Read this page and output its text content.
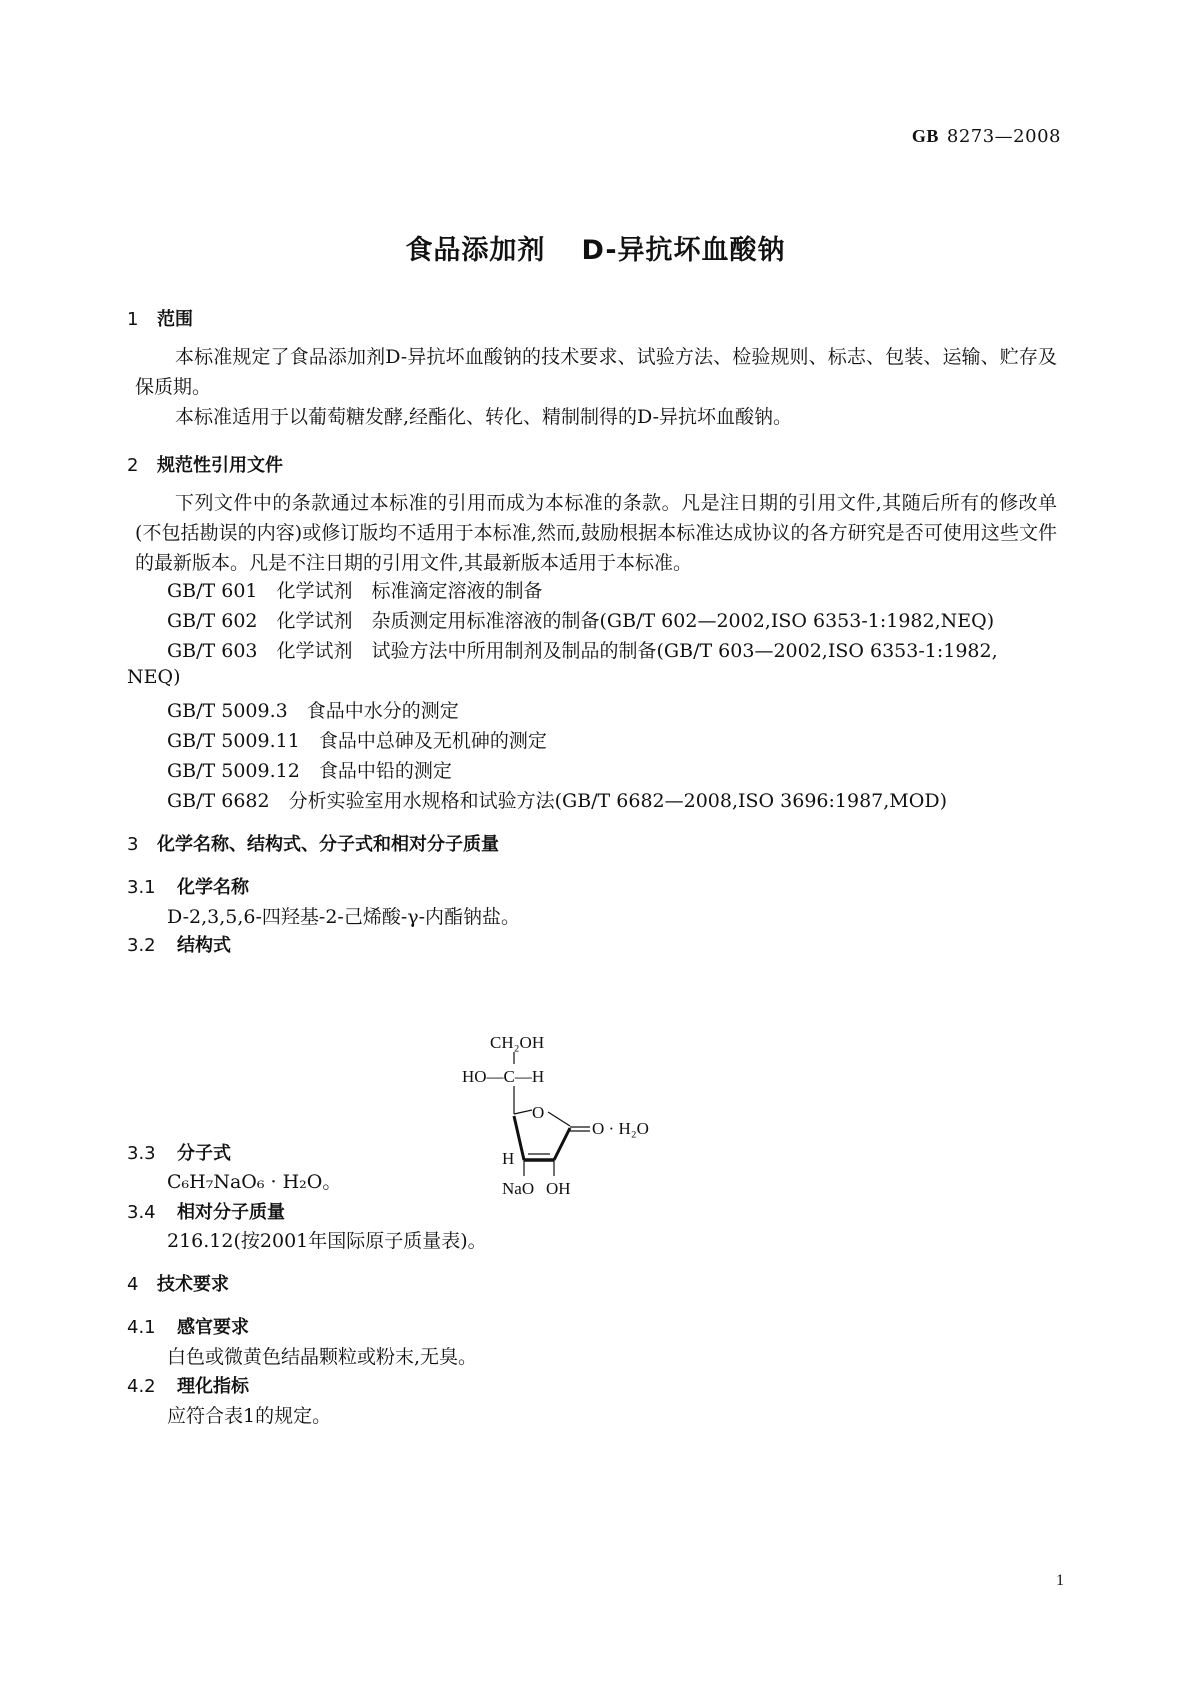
GB 8273—2008
食品添加剂 D-异抗坏血酸钠
1 范围
本标准规定了食品添加剂D-异抗坏血酸钠的技术要求、试验方法、检验规则、标志、包装、运输、贮存及保质期。
本标准适用于以葡萄糖发酵,经酯化、转化、精制制得的D-异抗坏血酸钠。
2 规范性引用文件
下列文件中的条款通过本标准的引用而成为本标准的条款。凡是注日期的引用文件,其随后所有的修改单(不包括勘误的内容)或修订版均不适用于本标准,然而,鼓励根据本标准达成协议的各方研究是否可使用这些文件的最新版本。凡是不注日期的引用文件,其最新版本适用于本标准。
GB/T 601　化学试剂　标准滴定溶液的制备
GB/T 602　化学试剂　杂质测定用标准溶液的制备(GB/T 602—2002,ISO 6353-1:1982,NEQ)
GB/T 603　化学试剂　试验方法中所用制剂及制品的制备(GB/T 603—2002,ISO 6353-1:1982,
NEQ)
GB/T 5009.3　食品中水分的测定
GB/T 5009.11　食品中总砷及无机砷的测定
GB/T 5009.12　食品中铅的测定
GB/T 6682　分析实验室用水规格和试验方法(GB/T 6682—2008,ISO 3696:1987,MOD)
3 化学名称、结构式、分子式和相对分子质量
3.1 化学名称
D-2,3,5,6-四羟基-2-己烯酸-γ-内酯钠盐。
3.2 结构式
CH₂OH
HO—C—H
O
O · H₂O
H
NaO OH
3.3 分子式
C₆H₇NaO₆ · H₂O。
3.4 相对分子质量
216.12(按2001年国际原子质量表)。
4 技术要求
4.1 感官要求
白色或微黄色结晶颗粒或粉末,无臭。
4.2 理化指标
应符合表1的规定。
1
